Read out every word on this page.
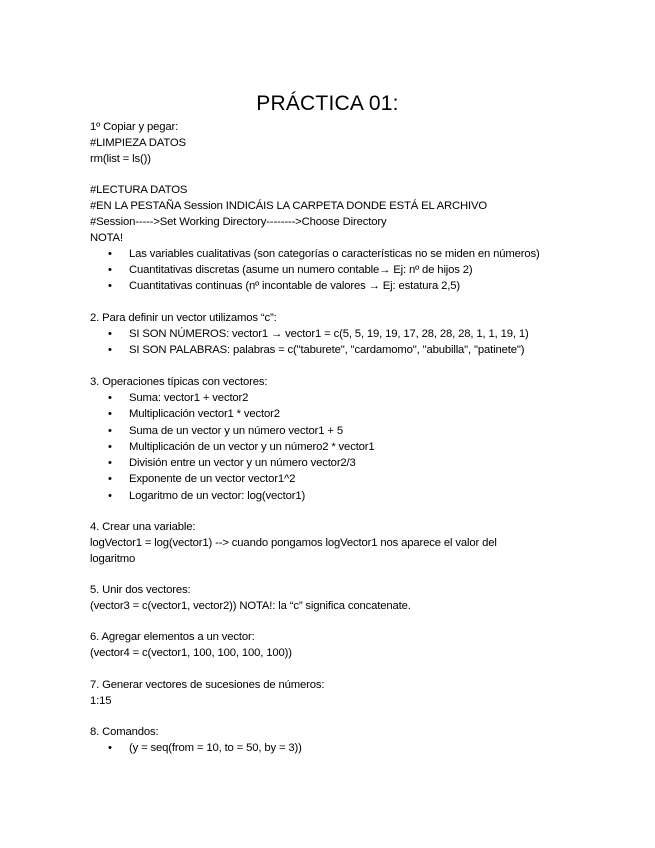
PRÁCTICA 01:
1º Copiar y pegar:
#LIMPIEZA DATOS
rm(list = ls())
#LECTURA DATOS
#EN LA PESTAÑA Session INDICÁIS LA CARPETA DONDE ESTÁ EL ARCHIVO
#Session----->Set Working Directory-------->Choose Directory
NOTA!
• Las variables cualitativas (son categorías o características no se miden en números)
• Cuantitativas discretas (asume un numero contable→ Ej: nº de hijos 2)
• Cuantitativas continuas (nº incontable de valores → Ej: estatura 2,5)
2. Para definir un vector utilizamos “c”:
• SI SON NÚMEROS: vector1 → vector1 = c(5, 5, 19, 19, 17, 28, 28, 28, 1, 1, 19, 1)
• SI SON PALABRAS: palabras = c("taburete", "cardamomo", "abubilla", "patinete")
3. Operaciones típicas con vectores:
• Suma: vector1 + vector2
• Multiplicación vector1 * vector2
• Suma de un vector y un número vector1 + 5
• Multiplicación de un vector y un número2 * vector1
• División entre un vector y un número vector2/3
• Exponente de un vector vector1^2
• Logaritmo de un vector: log(vector1)
4. Crear una variable:
logVector1 = log(vector1) --> cuando pongamos logVector1 nos aparece el valor del
logaritmo
5. Unir dos vectores:
(vector3 = c(vector1, vector2)) NOTA!: la “c” significa concatenate.
6. Agregar elementos a un vector:
(vector4 = c(vector1, 100, 100, 100, 100))
7. Generar vectores de sucesiones de números:
1:15
8. Comandos:
• (y = seq(from = 10, to = 50, by = 3))
